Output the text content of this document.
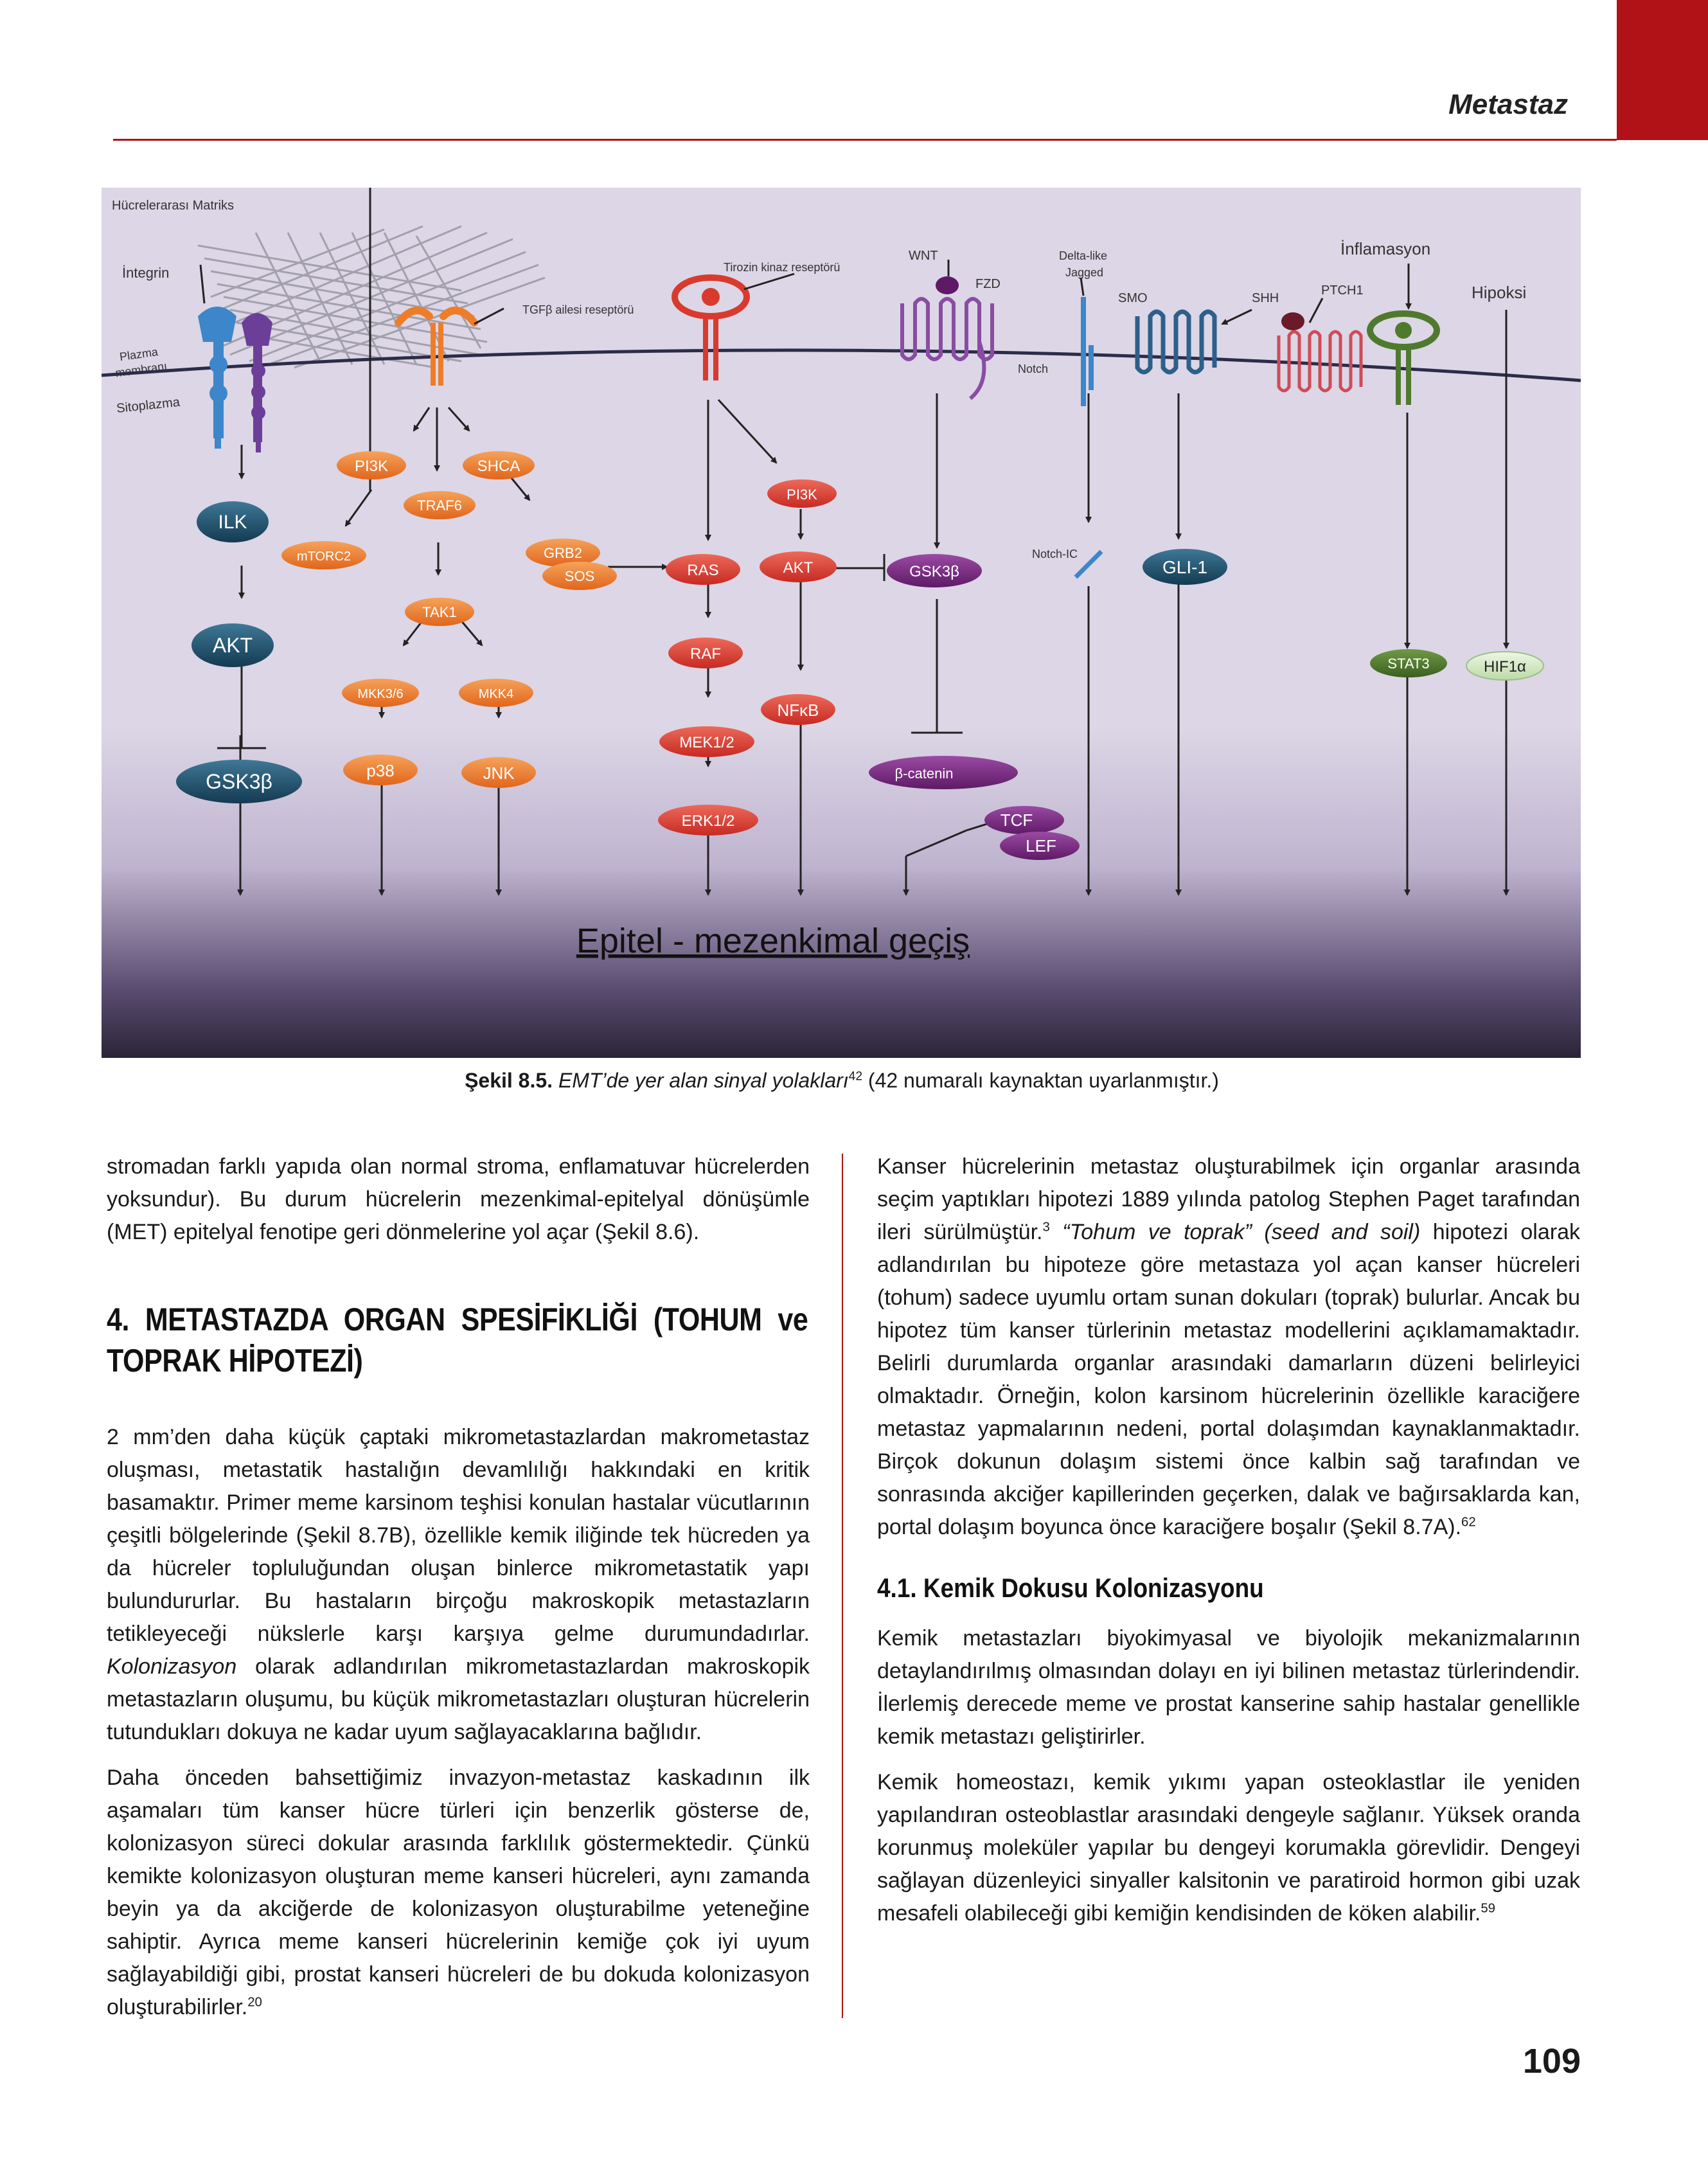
Metastaz
Hücrelerarası Matriks
İntegrin
TGFβ ailesi reseptörü
Tirozin kinaz reseptörü
WNT
FZD
Delta-like
Jagged
SMO	SHH
PTCH1
İnflamasyon
Hipoksi
Notch
Plazma
membranı
Sitoplazma
Notch-IC
ILK
AKT
GSK3β
GLI-1
PI3K	SHCA
TRAF6
mTORC2	GRB2
SOS
TAK1
MKK3/6	MKK4
p38	JNK
PI3K
RAS	AKT
RAF
NFκB
MEK1/2
ERK1/2
GSK3β
β-catenin
TCF
LEF
STAT3	HIF1α
Epitel - mezenkimal geçiş
Şekil 8.5. EMT’de yer alan sinyal yolakları$^{42}$ (42 numaralı kaynaktan uyarlanmıştır.)

stromadan farklı yapıda olan normal stroma, enflamatuvar hücrelerden yoksundur). Bu durum hücrelerin mezenkimal-epitelyal dönüşümle (MET) epitelyal fenotipe geri dönmelerine yol açar (Şekil 8.6).

4. METASTAZDA ORGAN SPESİFİKLİĞİ (TOHUM ve TOPRAK HİPOTEZİ)

2 mm’den daha küçük çaptaki mikrometastazlardan makrometastaz oluşması, metastatik hastalığın devamlılığı hakkındaki en kritik basamaktır. Primer meme karsinom teşhisi konulan hastalar vücutlarının çeşitli bölgelerinde (Şekil 8.7B), özellikle kemik iliğinde tek hücreden ya da hücreler topluluğundan oluşan binlerce mikrometastatik yapı bulundururlar. Bu hastaların birçoğu makroskopik metastazların tetikleyeceği nükslerle karşı karşıya gelme durumundadırlar. Kolonizasyon olarak adlandırılan mikrometastazlardan makroskopik metastazların oluşumu, bu küçük mikrometastazları oluşturan hücrelerin tutundukları dokuya ne kadar uyum sağlayacaklarına bağlıdır.

Daha önceden bahsettiğimiz invazyon-metastaz kaskadının ilk aşamaları tüm kanser hücre türleri için benzerlik gösterse de, kolonizasyon süreci dokular arasında farklılık göstermektedir. Çünkü kemikte kolonizasyon oluşturan meme kanseri hücreleri, aynı zamanda beyin ya da akciğerde de kolonizasyon oluşturabilme yeteneğine sahiptir. Ayrıca meme kanseri hücrelerinin kemiğe çok iyi uyum sağlayabildiği gibi, prostat kanseri hücreleri de bu dokuda kolonizasyon oluşturabilirler.$^{20}$

Kanser hücrelerinin metastaz oluşturabilmek için organlar arasında seçim yaptıkları hipotezi 1889 yılında patolog Stephen Paget tarafından ileri sürülmüştür.$^3$ “Tohum ve toprak” (seed and soil) hipotezi olarak adlandırılan bu hipoteze göre metastaza yol açan kanser hücreleri (tohum) sadece uyumlu ortam sunan dokuları (toprak) bulurlar. Ancak bu hipotez tüm kanser türlerinin metastaz modellerini açıklamamaktadır. Belirli durumlarda organlar arasındaki damarların düzeni belirleyici olmaktadır. Örneğin, kolon karsinom hücrelerinin özellikle karaciğere metastaz yapmalarının nedeni, portal dolaşımdan kaynaklanmaktadır. Birçok dokunun dolaşım sistemi önce kalbin sağ tarafından ve sonrasında akciğer kapillerinden geçerken, dalak ve bağırsaklarda kan, portal dolaşım boyunca önce karaciğere boşalır (Şekil 8.7A).$^{62}$

4.1. Kemik Dokusu Kolonizasyonu

Kemik metastazları biyokimyasal ve biyolojik mekanizmalarının detaylandırılmış olmasından dolayı en iyi bilinen metastaz türlerindendir. İlerlemiş derecede meme ve prostat kanserine sahip hastalar genellikle kemik metastazı geliştirirler.

Kemik homeostazı, kemik yıkımı yapan osteoklastlar ile yeniden yapılandıran osteoblastlar arasındaki dengeyle sağlanır. Yüksek oranda korunmuş moleküler yapılar bu dengeyi korumakla görevlidir. Dengeyi sağlayan düzenleyici sinyaller kalsitonin ve paratiroid hormon gibi uzak mesafeli olabileceği gibi kemiğin kendisinden de köken alabilir.$^{59}$

109
